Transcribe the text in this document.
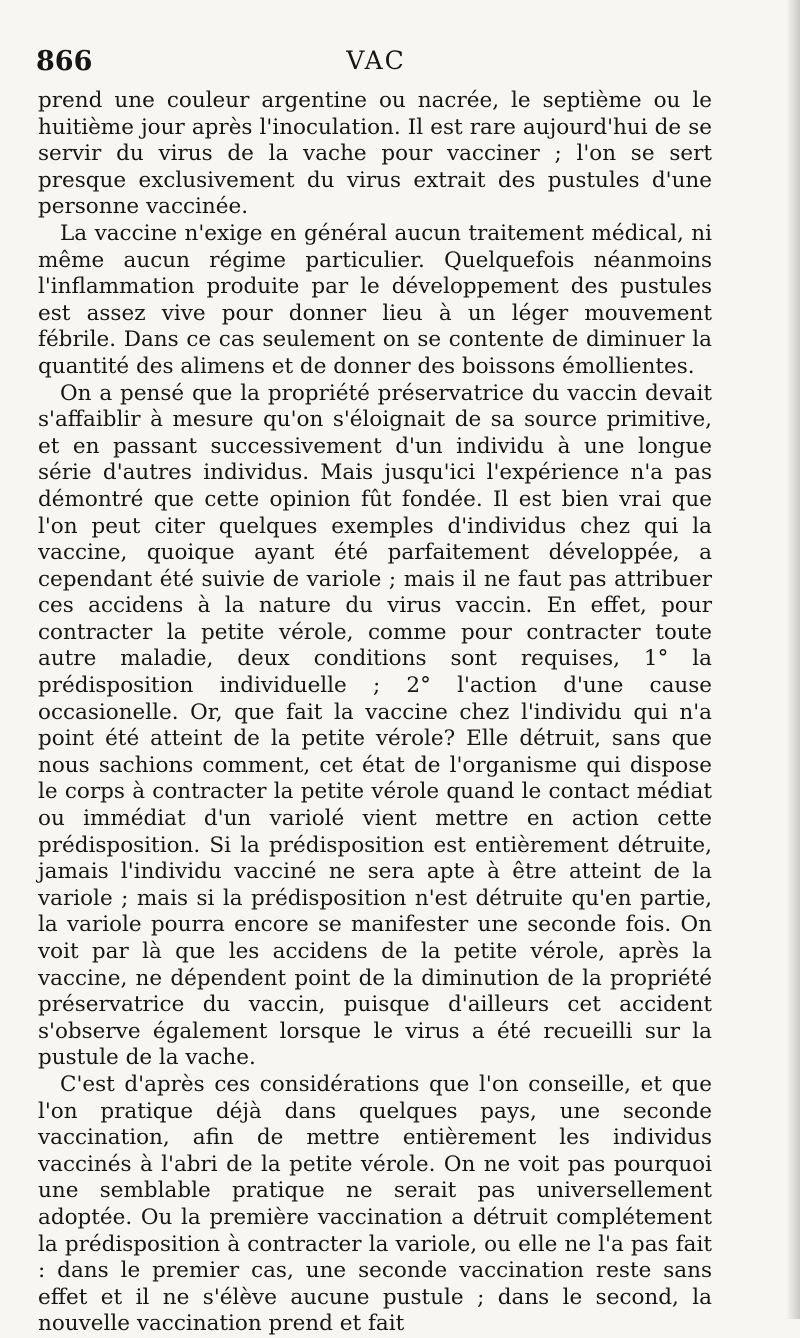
866	VAC

prend une couleur argentine ou nacrée, le septième ou le huitième jour après l'inoculation. Il est rare aujourd'hui de se servir du virus de la vache pour vacciner ; l'on se sert presque exclusivement du virus extrait des pustules d'une personne vaccinée.

La vaccine n'exige en général aucun traitement médical, ni même aucun régime particulier. Quelquefois néanmoins l'inflammation produite par le développement des pustules est assez vive pour donner lieu à un léger mouvement fébrile. Dans ce cas seulement on se contente de diminuer la quantité des alimens et de donner des boissons émollientes.

On a pensé que la propriété préservatrice du vaccin devait s'affaiblir à mesure qu'on s'éloignait de sa source primitive, et en passant successivement d'un individu à une longue série d'autres individus. Mais jusqu'ici l'expérience n'a pas démontré que cette opinion fût fondée. Il est bien vrai que l'on peut citer quelques exemples d'individus chez qui la vaccine, quoique ayant été parfaitement développée, a cependant été suivie de variole ; mais il ne faut pas attribuer ces accidens à la nature du virus vaccin. En effet, pour contracter la petite vérole, comme pour contracter toute autre maladie, deux conditions sont requises, 1° la prédisposition individuelle ; 2° l'action d'une cause occasionelle. Or, que fait la vaccine chez l'individu qui n'a point été atteint de la petite vérole? Elle détruit, sans que nous sachions comment, cet état de l'organisme qui dispose le corps à contracter la petite vérole quand le contact médiat ou immédiat d'un variolé vient mettre en action cette prédisposition. Si la prédisposition est entièrement détruite, jamais l'individu vacciné ne sera apte à être atteint de la variole ; mais si la prédisposition n'est détruite qu'en partie, la variole pourra encore se manifester une seconde fois. On voit par là que les accidens de la petite vérole, après la vaccine, ne dépendent point de la diminution de la propriété préservatrice du vaccin, puisque d'ailleurs cet accident s'observe également lorsque le virus a été recueilli sur la pustule de la vache.

C'est d'après ces considérations que l'on conseille, et que l'on pratique déjà dans quelques pays, une seconde vaccination, afin de mettre entièrement les individus vaccinés à l'abri de la petite vérole. On ne voit pas pourquoi une semblable pratique ne serait pas universellement adoptée. Ou la première vaccination a détruit complétement la prédisposition à contracter la variole, ou elle ne l'a pas fait : dans le premier cas, une seconde vaccination reste sans effet et il ne s'élève aucune pustule ; dans le second, la nouvelle vaccination prend et fait
